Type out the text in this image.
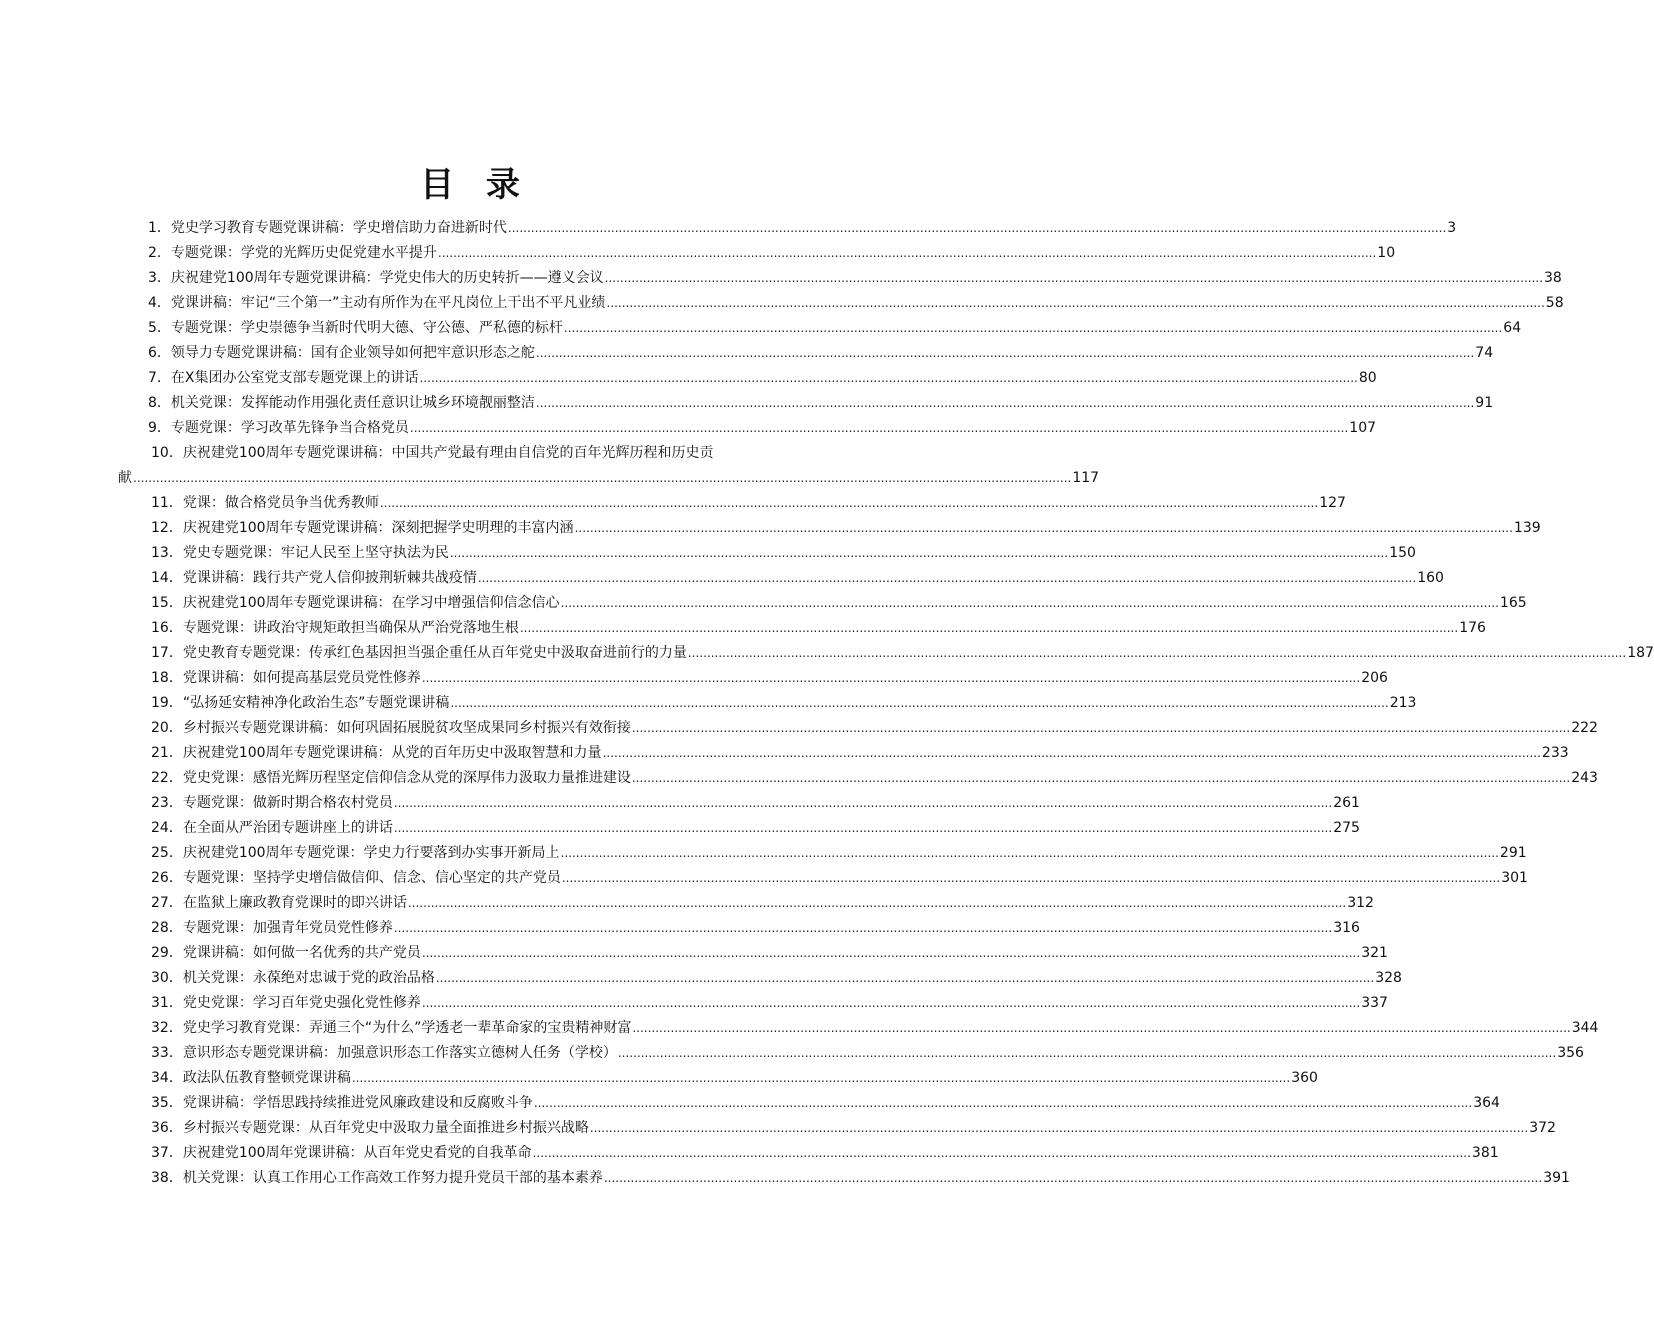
目 录
1． 党史学习教育专题党课讲稿：学史增信助力奋进新时代 .....	3
2． 专题党课：学党的光辉历史促党建水平提升 .....	10
3． 庆祝建党100周年专题党课讲稿：学党史伟大的历史转折——遵义会议 .....	38
4． 党课讲稿：牢记“三个第一”主动有所作为在平凡岗位上干出不平凡业绩 .....	58
5． 专题党课：学史崇德争当新时代明大德、守公德、严私德的标杆 .....	64
6． 领导力专题党课讲稿：国有企业领导如何把牢意识形态之舵 .....	74
7． 在X集团办公室党支部专题党课上的讲话 .....	80
8． 机关党课：发挥能动作用强化责任意识让城乡环境靓丽整洁 .....	91
9． 专题党课：学习改革先锋争当合格党员 .....	107
10． 庆祝建党100周年专题党课讲稿：中国共产党最有理由自信党的百年光辉历程和历史贡
献 .....	117
11． 党课：做合格党员争当优秀教师 .....	127
12． 庆祝建党100周年专题党课讲稿：深刻把握学史明理的丰富内涵 .....	139
13． 党史专题党课：牢记人民至上坚守执法为民 .....	150
14． 党课讲稿：践行共产党人信仰披荆斩棘共战疫情 .....	160
15． 庆祝建党100周年专题党课讲稿：在学习中增强信仰信念信心 .....	165
16． 专题党课：讲政治守规矩敢担当确保从严治党落地生根 .....	176
17． 党史教育专题党课：传承红色基因担当强企重任从百年党史中汲取奋进前行的力量 .....	187
18． 党课讲稿：如何提高基层党员党性修养 .....	206
19． “弘扬延安精神净化政治生态”专题党课讲稿 .....	213
20． 乡村振兴专题党课讲稿：如何巩固拓展脱贫攻坚成果同乡村振兴有效衔接 .....	222
21． 庆祝建党100周年专题党课讲稿：从党的百年历史中汲取智慧和力量 .....	233
22． 党史党课：感悟光辉历程坚定信仰信念从党的深厚伟力汲取力量推进建设 .....	243
23． 专题党课：做新时期合格农村党员 .....	261
24． 在全面从严治团专题讲座上的讲话 .....	275
25． 庆祝建党100周年专题党课：学史力行要落到办实事开新局上 .....	291
26． 专题党课：坚持学史增信做信仰、信念、信心坚定的共产党员 .....	301
27． 在监狱上廉政教育党课时的即兴讲话 .....	312
28． 专题党课：加强青年党员党性修养 .....	316
29． 党课讲稿：如何做一名优秀的共产党员 .....	321
30． 机关党课：永葆绝对忠诚于党的政治品格 .....	328
31． 党史党课：学习百年党史强化党性修养 .....	337
32． 党史学习教育党课：弄通三个“为什么”学透老一辈革命家的宝贵精神财富 .....	344
33． 意识形态专题党课讲稿：加强意识形态工作落实立德树人任务（学校） .....	356
34． 政法队伍教育整顿党课讲稿 .....	360
35． 党课讲稿：学悟思践持续推进党风廉政建设和反腐败斗争 .....	364
36． 乡村振兴专题党课：从百年党史中汲取力量全面推进乡村振兴战略 .....	372
37． 庆祝建党100周年党课讲稿：从百年党史看党的自我革命 .....	381
38． 机关党课：认真工作用心工作高效工作努力提升党员干部的基本素养 .....	391
